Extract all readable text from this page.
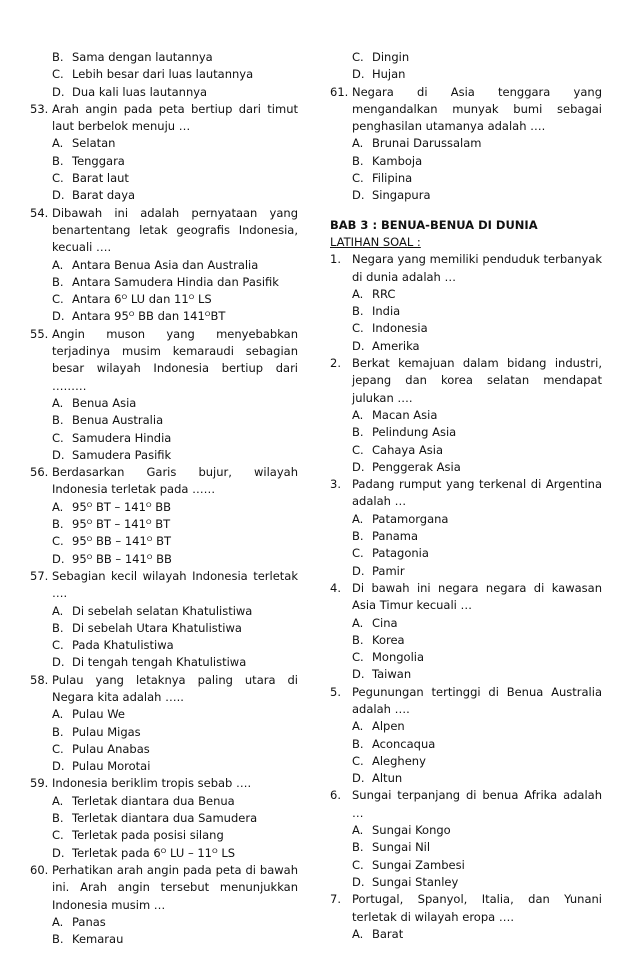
B. Sama dengan lautannya
C. Lebih besar dari luas lautannya
D. Dua kali luas lautannya
53. Arah angin pada peta bertiup dari timut laut berbelok menuju …
A. Selatan
B. Tenggara
C. Barat laut
D. Barat daya
54. Dibawah ini adalah pernyataan yang benartentang letak geografis Indonesia, kecuali ….
A. Antara Benua Asia dan Australia
B. Antara Samudera Hindia dan Pasifik
C. Antara 6ᴼ LU dan 11ᴼ LS
D. Antara 95ᴼ BB dan 141ᴼBT
55. Angin muson yang menyebabkan terjadinya musim kemaraudi sebagian besar wilayah Indonesia bertiup dari ………
A. Benua Asia
B. Benua Australia
C. Samudera Hindia
D. Samudera Pasifik
56. Berdasarkan Garis bujur, wilayah Indonesia terletak pada ……
A. 95ᴼ BT – 141ᴼ BB
B. 95ᴼ BT – 141ᴼ BT
C. 95ᴼ BB – 141ᴼ BT
D. 95ᴼ BB – 141ᴼ BB
57. Sebagian kecil wilayah Indonesia terletak ….
A. Di sebelah selatan Khatulistiwa
B. Di sebelah Utara Khatulistiwa
C. Pada Khatulistiwa
D. Di tengah tengah Khatulistiwa
58. Pulau yang letaknya paling utara di Negara kita adalah …..
A. Pulau We
B. Pulau Migas
C. Pulau Anabas
D. Pulau Morotai
59. Indonesia beriklim tropis sebab ….
A. Terletak diantara dua Benua
B. Terletak diantara dua Samudera
C. Terletak pada posisi silang
D. Terletak pada 6ᴼ LU – 11ᴼ LS
60. Perhatikan arah angin pada peta di bawah ini. Arah angin tersebut menunjukkan Indonesia musim …
A. Panas
B. Kemarau
C. Dingin
D. Hujan
61. Negara di Asia tenggara yang mengandalkan munyak bumi sebagai penghasilan utamanya adalah ….
A. Brunai Darussalam
B. Kamboja
C. Filipina
D. Singapura
BAB 3 : BENUA-BENUA DI DUNIA
LATIHAN SOAL :
1. Negara yang memiliki penduduk terbanyak di dunia adalah …
A. RRC
B. India
C. Indonesia
D. Amerika
2. Berkat kemajuan dalam bidang industri, jepang dan korea selatan mendapat julukan ….
A. Macan Asia
B. Pelindung Asia
C. Cahaya Asia
D. Penggerak Asia
3. Padang rumput yang terkenal di Argentina adalah …
A. Patamorgana
B. Panama
C. Patagonia
D. Pamir
4. Di bawah ini negara negara di kawasan Asia Timur kecuali …
A. Cina
B. Korea
C. Mongolia
D. Taiwan
5. Pegunungan tertinggi di Benua Australia adalah ….
A. Alpen
B. Aconcaqua
C. Alegheny
D. Altun
6. Sungai terpanjang di benua Afrika adalah …
A. Sungai Kongo
B. Sungai Nil
C. Sungai Zambesi
D. Sungai Stanley
7. Portugal, Spanyol, Italia, dan Yunani terletak di wilayah eropa ….
A. Barat
